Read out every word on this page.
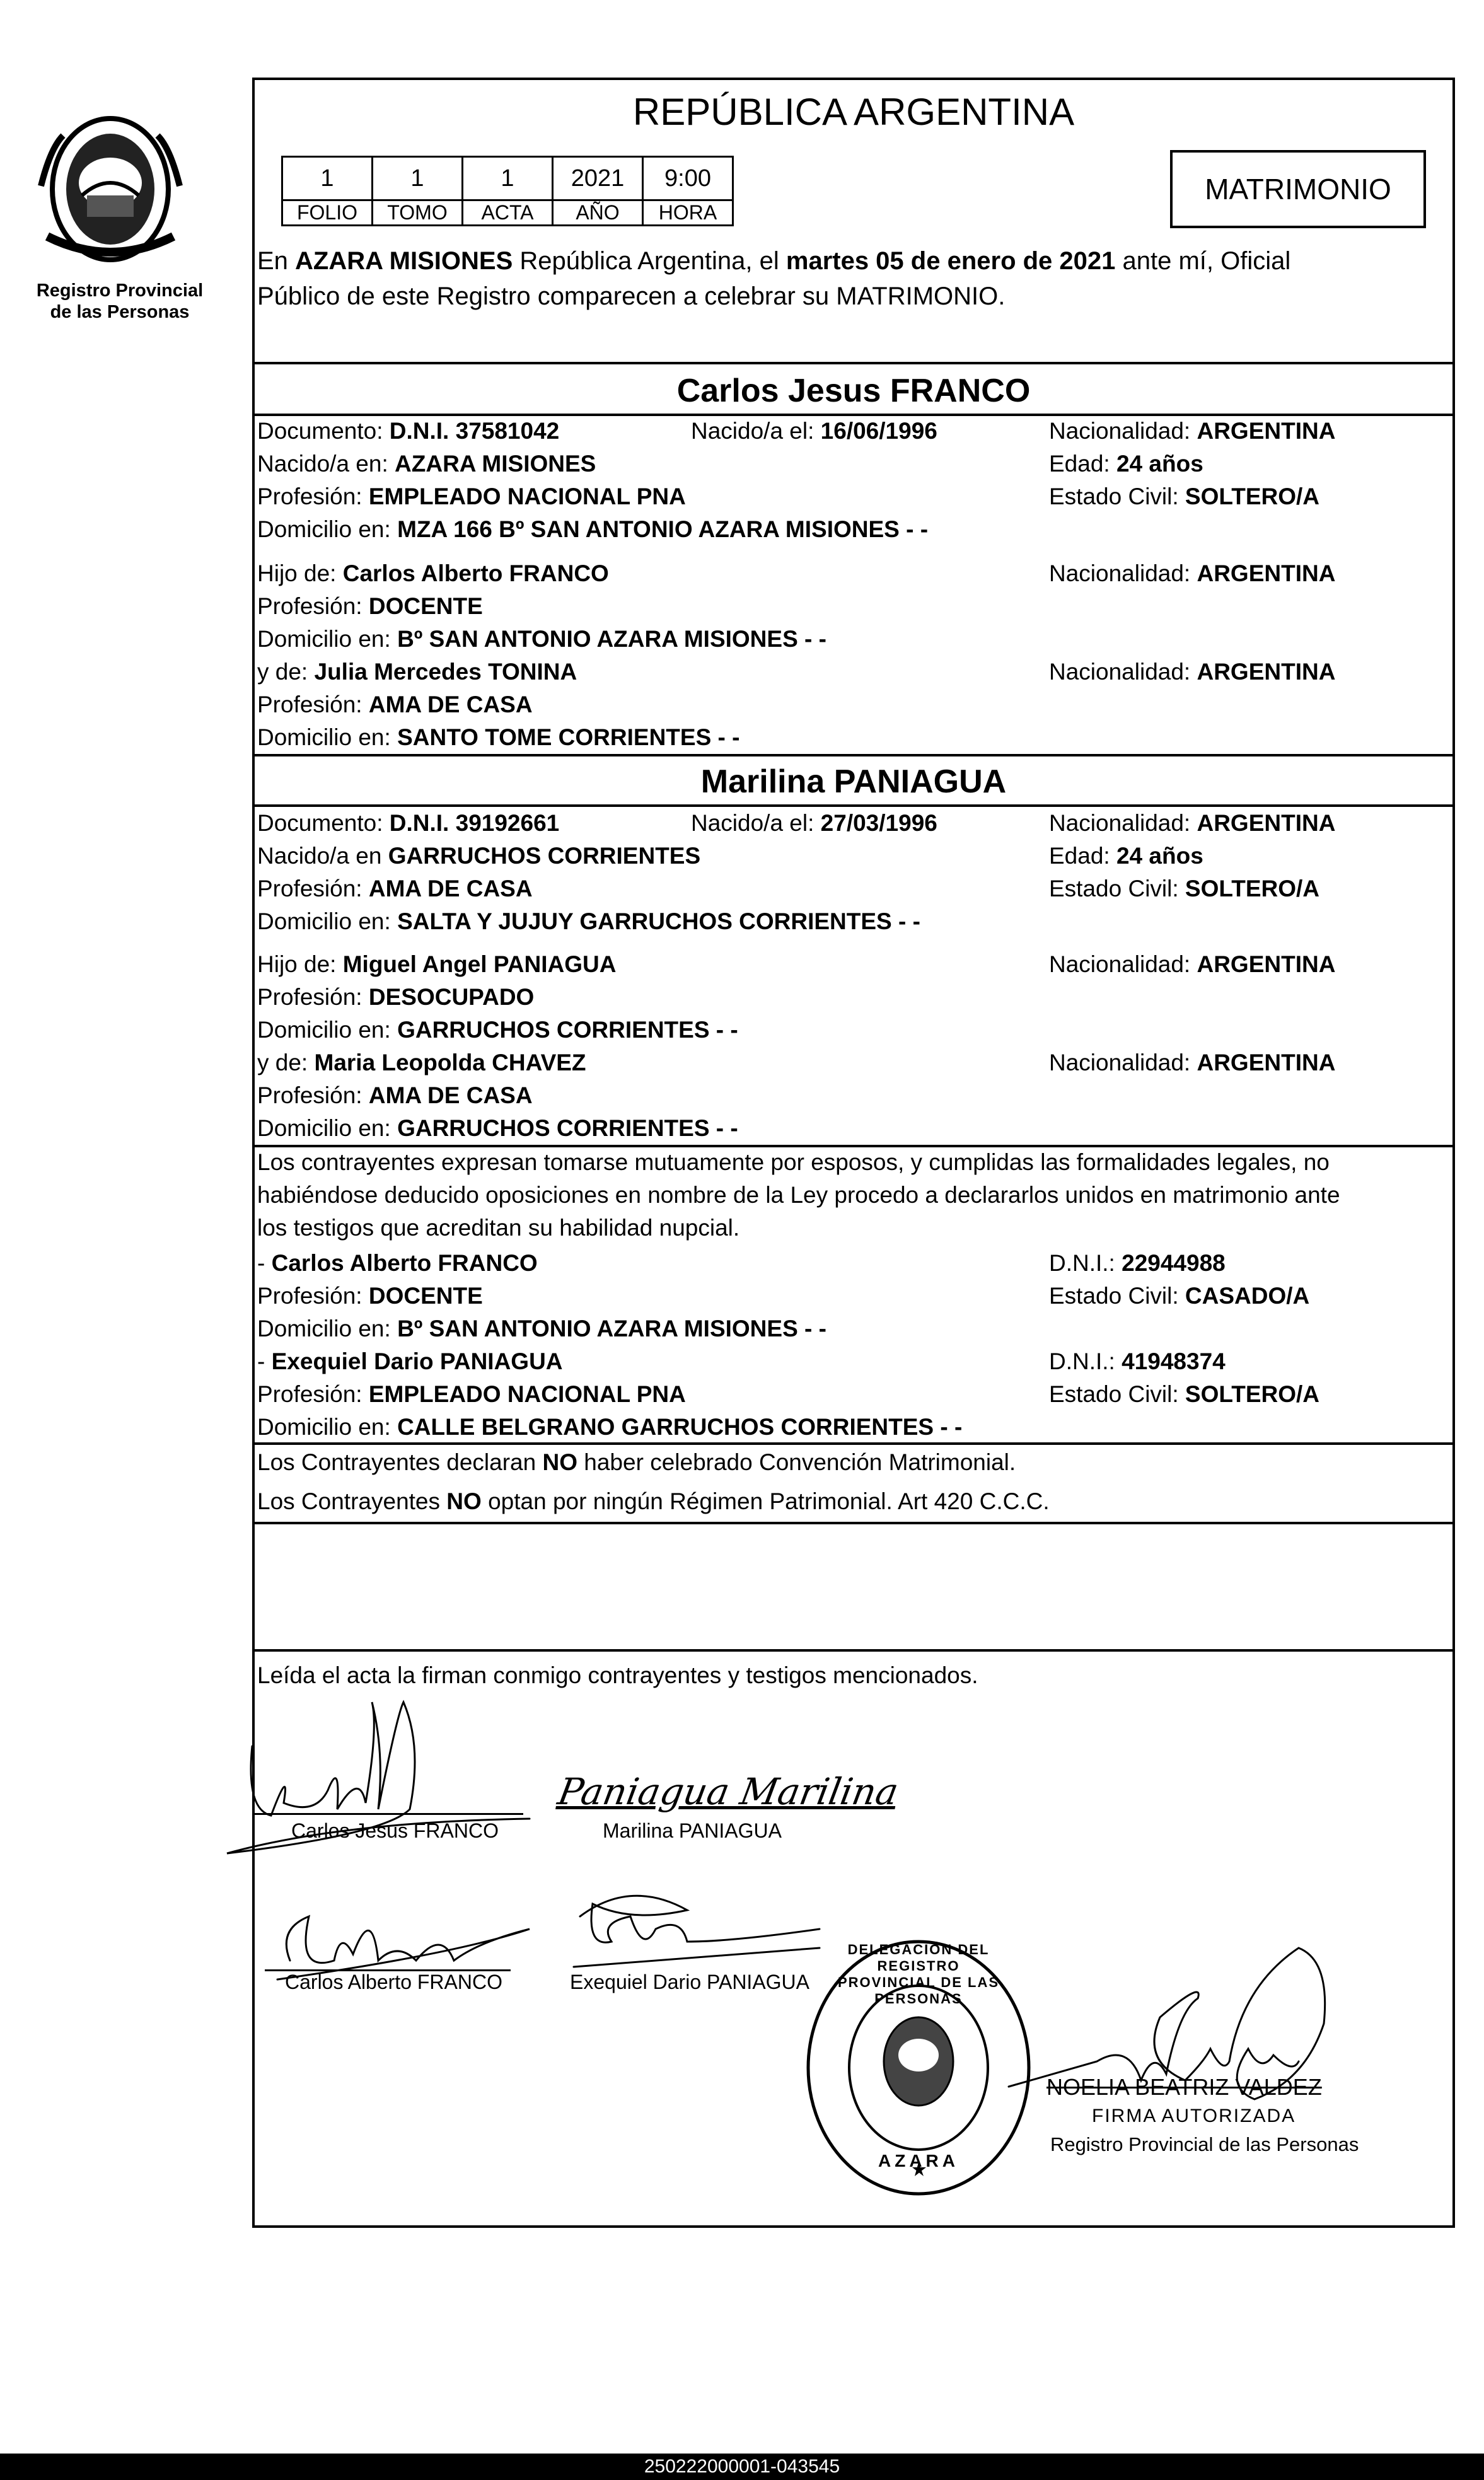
Registro Provincial
de las Personas
REPÚBLICA ARGENTINA
1	1	1	2021	9:00
FOLIO	TOMO	ACTA	AÑO	HORA
MATRIMONIO
En AZARA MISIONES República Argentina, el martes 05 de enero de 2021 ante mí, Oficial
Público de este Registro comparecen a celebrar su MATRIMONIO.
Carlos Jesus FRANCO
Documento: D.N.I. 37581042	Nacido/a el: 16/06/1996	Nacionalidad: ARGENTINA
Nacido/a en: AZARA MISIONES	Edad: 24 años
Profesión: EMPLEADO NACIONAL PNA	Estado Civil: SOLTERO/A
Domicilio en: MZA 166 Bº SAN ANTONIO AZARA MISIONES - -
Hijo de: Carlos Alberto FRANCO	Nacionalidad: ARGENTINA
Profesión: DOCENTE
Domicilio en: Bº SAN ANTONIO AZARA MISIONES - -
y de: Julia Mercedes TONINA	Nacionalidad: ARGENTINA
Profesión: AMA DE CASA
Domicilio en: SANTO TOME CORRIENTES - -
Marilina PANIAGUA
Documento: D.N.I. 39192661	Nacido/a el: 27/03/1996	Nacionalidad: ARGENTINA
Nacido/a en GARRUCHOS CORRIENTES	Edad: 24 años
Profesión: AMA DE CASA	Estado Civil: SOLTERO/A
Domicilio en: SALTA Y JUJUY GARRUCHOS CORRIENTES - -
Hijo de: Miguel Angel PANIAGUA	Nacionalidad: ARGENTINA
Profesión: DESOCUPADO
Domicilio en: GARRUCHOS CORRIENTES - -
y de: Maria Leopolda CHAVEZ	Nacionalidad: ARGENTINA
Profesión: AMA DE CASA
Domicilio en: GARRUCHOS CORRIENTES - -
Los contrayentes expresan tomarse mutuamente por esposos, y cumplidas las formalidades legales, no
habiéndose deducido oposiciones en nombre de la Ley procedo a declararlos unidos en matrimonio ante
los testigos que acreditan su habilidad nupcial.
- Carlos Alberto FRANCO	D.N.I.: 22944988
Profesión: DOCENTE	Estado Civil: CASADO/A
Domicilio en: Bº SAN ANTONIO AZARA MISIONES - -
- Exequiel Dario PANIAGUA	D.N.I.: 41948374
Profesión: EMPLEADO NACIONAL PNA	Estado Civil: SOLTERO/A
Domicilio en: CALLE BELGRANO GARRUCHOS CORRIENTES - -
Los Contrayentes declaran NO haber celebrado Convención Matrimonial.
Los Contrayentes NO optan por ningún Régimen Patrimonial. Art 420 C.C.C.
Leída el acta la firman conmigo contrayentes y testigos mencionados.
Carlos Jesus FRANCO
Paniagua Marilina
Marilina PANIAGUA
Carlos Alberto FRANCO	Exequiel Dario PANIAGUA
DELEGACIÓN DEL REGISTRO PROVINCIAL DE LAS PERSONAS
AZARA
NOELIA BEATRIZ VALDEZ
FIRMA AUTORIZADA
Registro Provincial de las Personas
250222000001-043545
